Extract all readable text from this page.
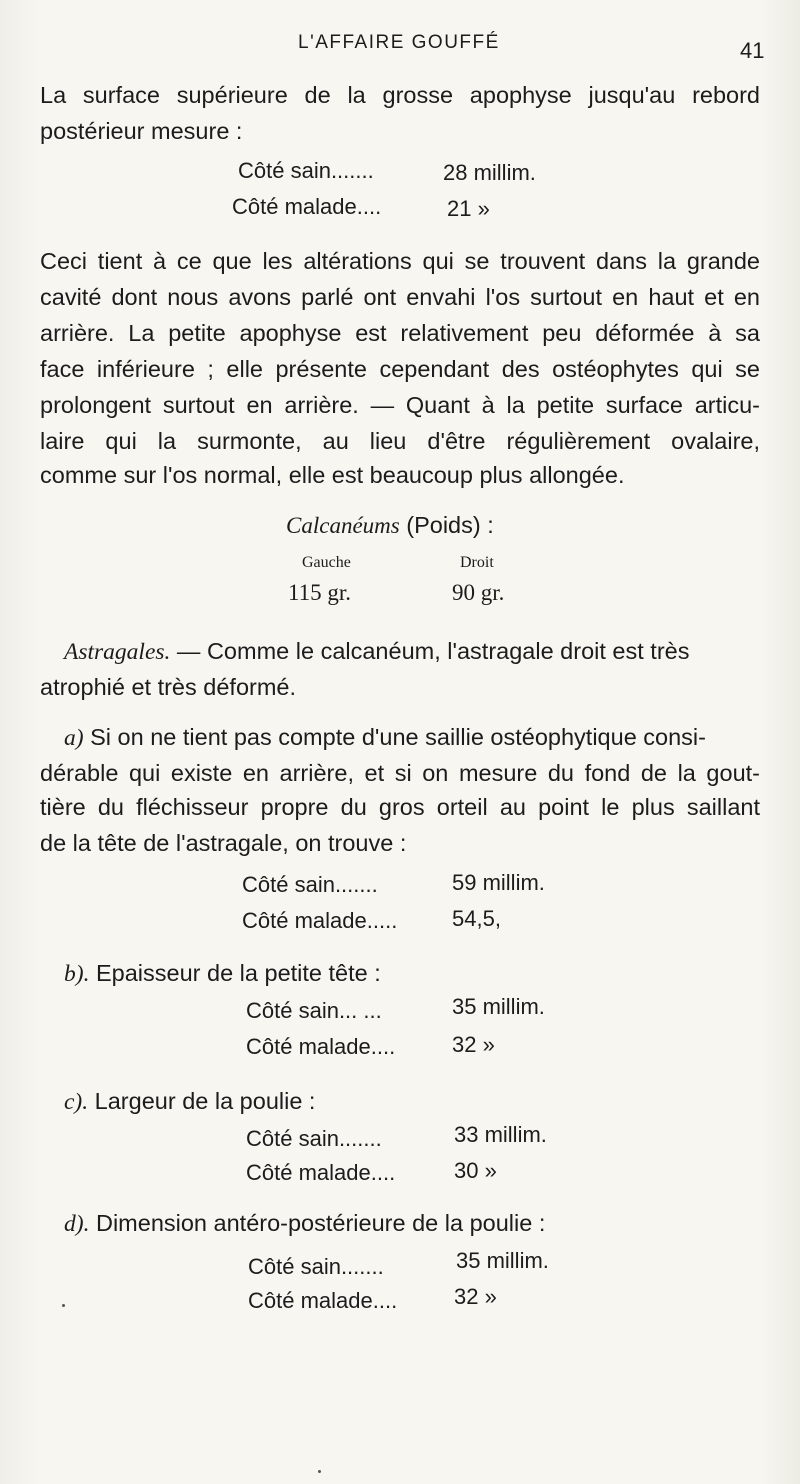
L'AFFAIRE GOUFFÉ	41
La surface supérieure de la grosse apophyse jusqu'au rebord
postérieur mesure :
Côté sain.......	28 millim.
Côté malade....	21 »
Ceci tient à ce que les altérations qui se trouvent dans la grande
cavité dont nous avons parlé ont envahi l'os surtout en haut et en
arrière. La petite apophyse est relativement peu déformée à sa
face inférieure ; elle présente cependant des ostéophytes qui se
prolongent surtout en arrière. — Quant à la petite surface articu-
laire qui la surmonte, au lieu d'être régulièrement ovalaire,
comme sur l'os normal, elle est beaucoup plus allongée.
Calcanéums (Poids) :
Gauche	Droit
115 gr.	90 gr.
Astragales. — Comme le calcanéum, l'astragale droit est très
atrophié et très déformé.
a) Si on ne tient pas compte d'une saillie ostéophytique consi-
dérable qui existe en arrière, et si on mesure du fond de la gout-
tière du fléchisseur propre du gros orteil au point le plus saillant
de la tête de l'astragale, on trouve :
Côté sain.......	59 millim.
Côté malade..... 54,5,
b). Epaisseur de la petite tête :
Côté sain... ...	35 millim.
Côté malade....	32 »
c). Largeur de la poulie :
Côté sain.......	33 millim.
Côté malade....	30 »
d). Dimension antéro-postérieure de la poulie :
Côté sain.......	35 millim.
Côté malade....	32 »
